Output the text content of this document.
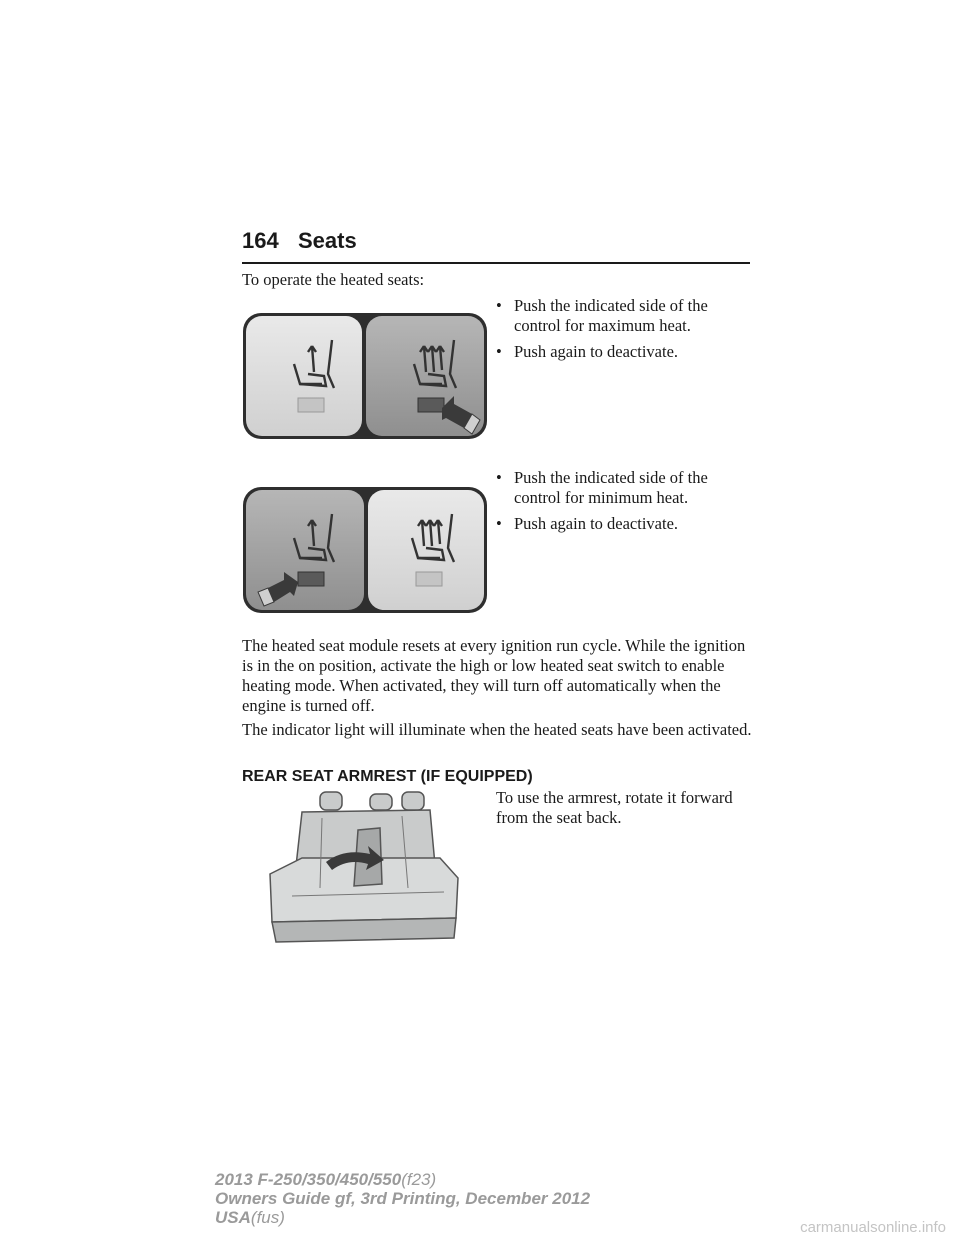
164 Seats
To operate the heated seats:
• Push the indicated side of the control for maximum heat.
• Push again to deactivate.
• Push the indicated side of the control for minimum heat.
• Push again to deactivate.
The heated seat module resets at every ignition run cycle. While the ignition is in the on position, activate the high or low heated seat switch to enable heating mode. When activated, they will turn off automatically when the engine is turned off.
The indicator light will illuminate when the heated seats have been activated.
REAR SEAT ARMREST (IF EQUIPPED)
To use the armrest, rotate it forward from the seat back.
2013 F-250/350/450/550(f23)
Owners Guide gf, 3rd Printing, December 2012
USA(fus)
carmanualsonline.info
